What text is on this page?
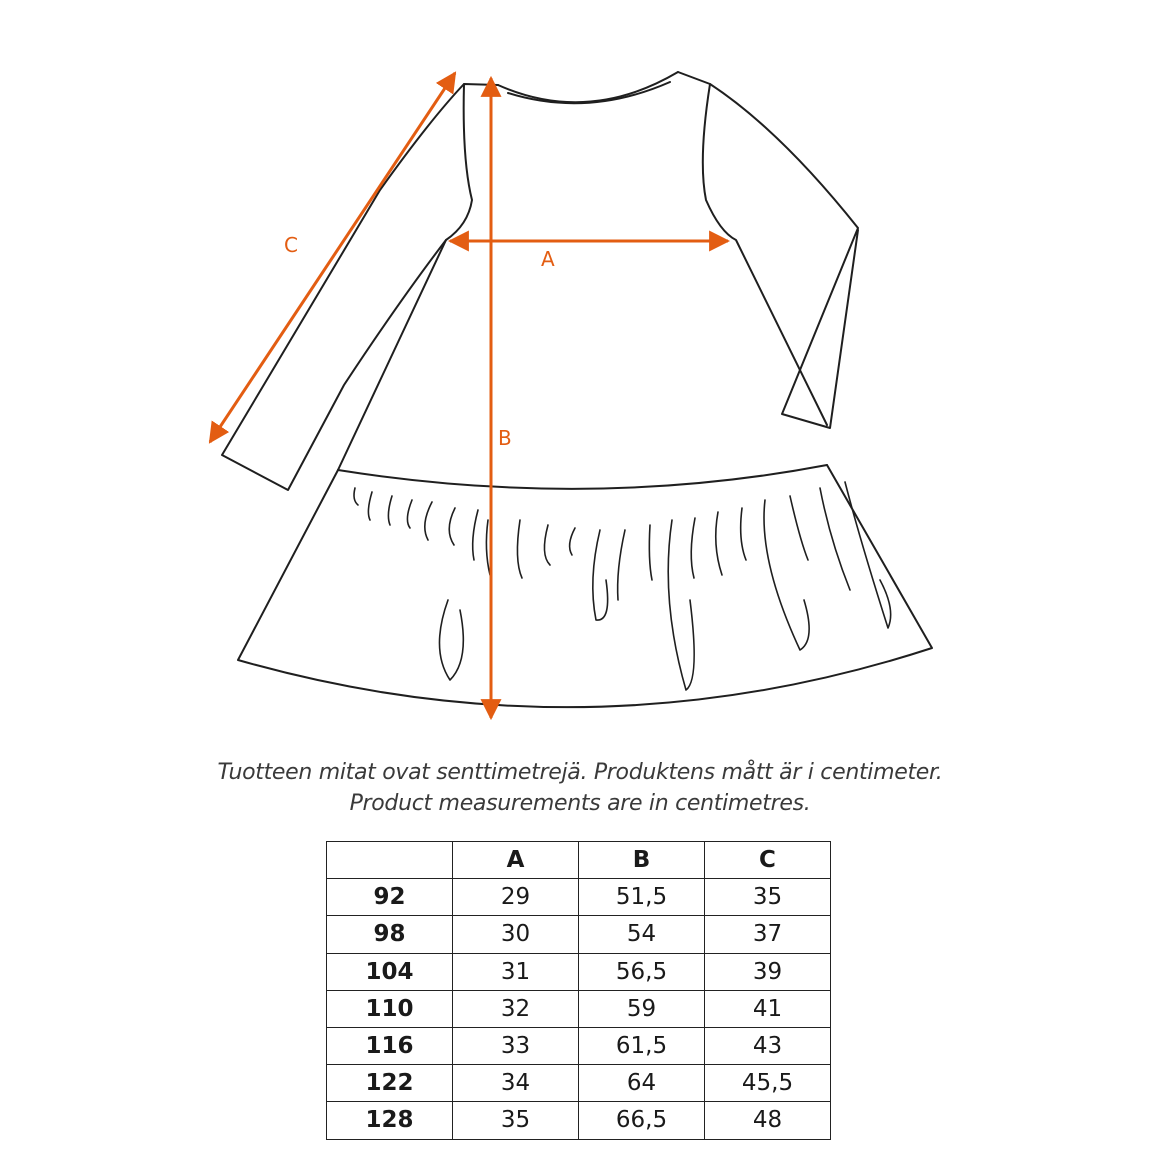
A
B
C
Tuotteen mitat ovat senttimetrejä. Produktens mått är i centimeter.
Product measurements are in centimetres.
	A	B	C
92	29	51,5	35
98	30	54	37
104	31	56,5	39
110	32	59	41
116	33	61,5	43
122	34	64	45,5
128	35	66,5	48
